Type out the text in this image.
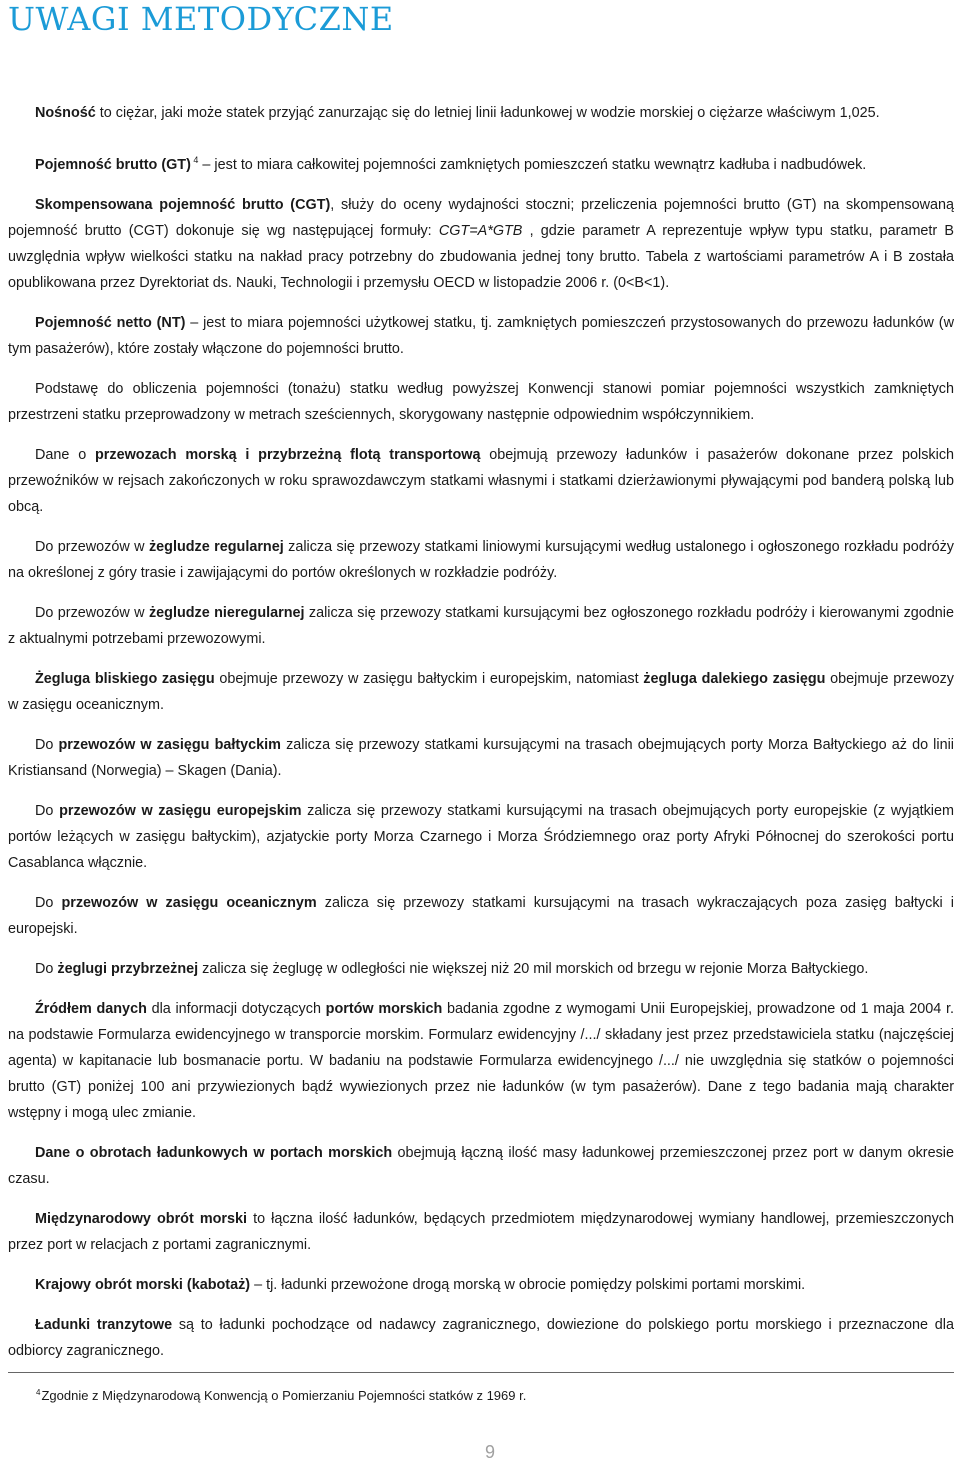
UWAGI METODYCZNE

Nośność to ciężar, jaki może statek przyjąć zanurzając się do letniej linii ładunkowej w wodzie morskiej o ciężarze właściwym 1,025.

Pojemność brutto (GT) $^4$ – jest to miara całkowitej pojemności zamkniętych pomieszczeń statku wewnątrz kadłuba i nadbudówek.

Skompensowana pojemność brutto (CGT), służy do oceny wydajności stoczni; przeliczenia pojemności brutto (GT) na skompensowaną pojemność brutto (CGT) dokonuje się wg następującej formuły: CGT=A*GTB , gdzie parametr A reprezentuje wpływ typu statku, parametr B uwzględnia wpływ wielkości statku na nakład pracy potrzebny do zbudowania jednej tony brutto. Tabela z wartościami parametrów A i B została opublikowana przez Dyrektoriat ds. Nauki, Technologii i przemysłu OECD w listopadzie 2006 r. (0<B<1).

Pojemność netto (NT) – jest to miara pojemności użytkowej statku, tj. zamkniętych pomieszczeń przystosowanych do przewozu ładunków (w tym pasażerów), które zostały włączone do pojemności brutto.

Podstawę do obliczenia pojemności (tonażu) statku według powyższej Konwencji stanowi pomiar pojemności wszystkich zamkniętych przestrzeni statku przeprowadzony w metrach sześciennych, skorygowany następnie odpowiednim współczynnikiem.

Dane o przewozach morską i przybrzeżną flotą transportową obejmują przewozy ładunków i pasażerów dokonane przez polskich przewoźników w rejsach zakończonych w roku sprawozdawczym statkami własnymi i statkami dzierżawionymi pływającymi pod banderą polską lub obcą.

Do przewozów w żegludze regularnej zalicza się przewozy statkami liniowymi kursującymi według ustalonego i ogłoszonego rozkładu podróży na określonej z góry trasie i zawijającymi do portów określonych w rozkładzie podróży.

Do przewozów w żegludze nieregularnej zalicza się przewozy statkami kursującymi bez ogłoszonego rozkładu podróży i kierowanymi zgodnie z aktualnymi potrzebami przewozowymi.

Żegluga bliskiego zasięgu obejmuje przewozy w zasięgu bałtyckim i europejskim, natomiast żegluga dalekiego zasięgu obejmuje przewozy w zasięgu oceanicznym.

Do przewozów w zasięgu bałtyckim zalicza się przewozy statkami kursującymi na trasach obejmujących porty Morza Bałtyckiego aż do linii Kristiansand (Norwegia) – Skagen (Dania).

Do przewozów w zasięgu europejskim zalicza się przewozy statkami kursującymi na trasach obejmujących porty europejskie (z wyjątkiem portów leżących w zasięgu bałtyckim), azjatyckie porty Morza Czarnego i Morza Śródziemnego oraz porty Afryki Północnej do szerokości portu Casablanca włącznie.

Do przewozów w zasięgu oceanicznym zalicza się przewozy statkami kursującymi na trasach wykraczających poza zasięg bałtycki i europejski.

Do żeglugi przybrzeżnej zalicza się żeglugę w odległości nie większej niż 20 mil morskich od brzegu w rejonie Morza Bałtyckiego.

Źródłem danych dla informacji dotyczących portów morskich badania zgodne z wymogami Unii Europejskiej, prowadzone od 1 maja 2004 r. na podstawie Formularza ewidencyjnego w transporcie morskim. Formularz ewidencyjny /.../ składany jest przez przedstawiciela statku (najczęściej agenta) w kapitanacie lub bosmanacie portu. W badaniu na podstawie Formularza ewidencyjnego /.../ nie uwzględnia się statków o pojemności brutto (GT) poniżej 100 ani przywiezionych bądź wywiezionych przez nie ładunków (w tym pasażerów). Dane z tego badania mają charakter wstępny i mogą ulec zmianie.

Dane o obrotach ładunkowych w portach morskich obejmują łączną ilość masy ładunkowej przemieszczonej przez port w danym okresie czasu.

Międzynarodowy obrót morski to łączna ilość ładunków, będących przedmiotem międzynarodowej wymiany handlowej, przemieszczonych przez port w relacjach z portami zagranicznymi.

Krajowy obrót morski (kabotaż) – tj. ładunki przewożone drogą morską w obrocie pomiędzy polskimi portami morskimi.

Ładunki tranzytowe są to ładunki pochodzące od nadawcy zagranicznego, dowiezione do polskiego portu morskiego i przeznaczone dla odbiorcy zagranicznego.

$^4$Zgodnie z Międzynarodową Konwencją o Pomierzaniu Pojemności statków z 1969 r.
9
